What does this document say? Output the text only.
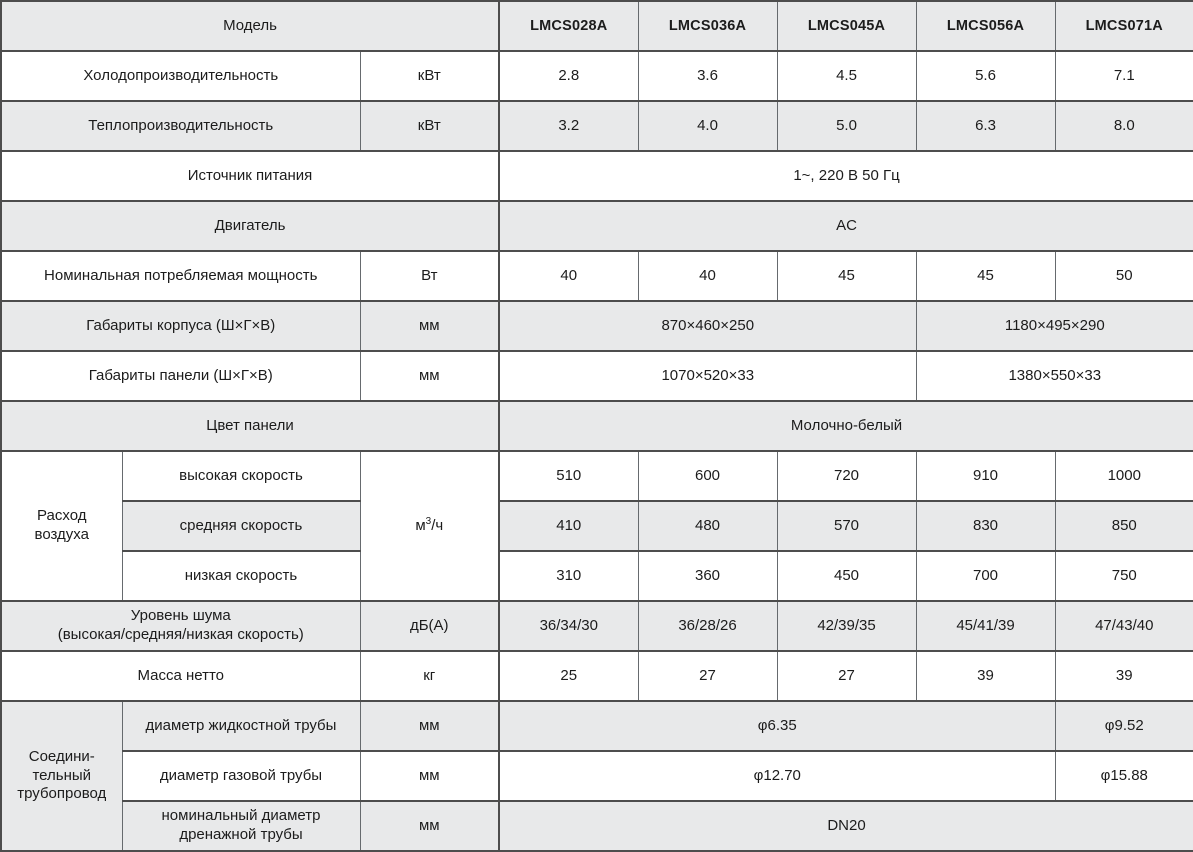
Модель			LMCS028A	LMCS036A	LMCS045A	LMCS056A	LMCS071A
Холодопроизводительность		кВт	2.8	3.6	4.5	5.6	7.1
Теплопроизводительность		кВт	3.2	4.0	5.0	6.3	8.0
Источник питания			1~, 220 В 50 Гц				
Двигатель			AC				
Номинальная потребляемая мощность		Вт	40	40	45	45	50
Габариты корпуса (Ш×Г×В)		мм	870×460×250			1180×495×290	
Габариты панели (Ш×Г×В)		мм	1070×520×33			1380×550×33	
Цвет панели			Молочно-белый				

Расход
воздуха	высокая скорость	$м^3/ч$	510	600	720	910	1000
	средняя скорость		410	480	570	830	850
	низкая скорость		310	360	450	700	750

Уровень шума
(высокая/средняя/низкая скорость)		дБ(А)	36/34/30	36/28/26	42/39/35	45/41/39	47/43/40
Масса нетто		кг	25	27	27	39	39

Соедини-
тельный
трубопровод	диаметр жидкостной трубы	мм	φ6.35				φ9.52
	диаметр газовой трубы	мм	φ12.70				φ15.88
	номинальный диаметр дренажной трубы	мм	DN20				
